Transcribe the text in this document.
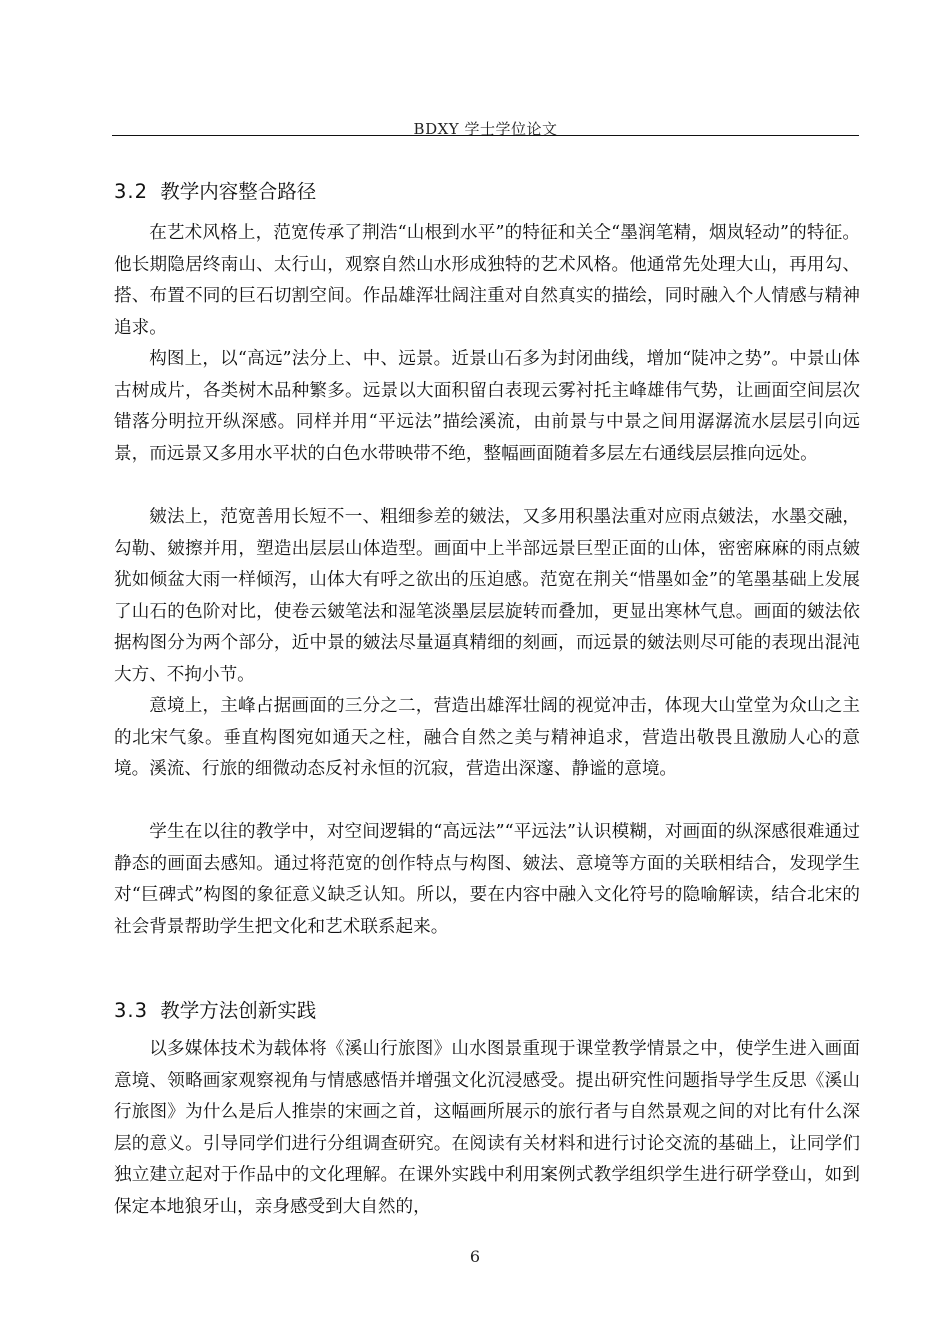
BDXY 学士学位论文
3.2 教学内容整合路径

在艺术风格上，范宽传承了荆浩“山根到水平”的特征和关仝“墨润笔精，烟岚轻动”的特征。他长期隐居终南山、太行山，观察自然山水形成独特的艺术风格。他通常先处理大山，再用勾、搭、布置不同的巨石切割空间。作品雄浑壮阔注重对自然真实的描绘，同时融入个人情感与精神追求。

构图上，以“高远”法分上、中、远景。近景山石多为封闭曲线，增加“陡冲之势”。中景山体古树成片，各类树木品种繁多。远景以大面积留白表现云雾衬托主峰雄伟气势，让画面空间层次错落分明拉开纵深感。同样并用“平远法”描绘溪流，由前景与中景之间用潺潺流水层层引向远景，而远景又多用水平状的白色水带映带不绝，整幅画面随着多层左右通线层层推向远处。

皴法上，范宽善用长短不一、粗细参差的皴法，又多用积墨法重对应雨点皴法，水墨交融，勾勒、皴擦并用，塑造出层层山体造型。画面中上半部远景巨型正面的山体，密密麻麻的雨点皴犹如倾盆大雨一样倾泻，山体大有呼之欲出的压迫感。范宽在荆关“惜墨如金”的笔墨基础上发展了山石的色阶对比，使卷云皴笔法和湿笔淡墨层层旋转而叠加，更显出寒林气息。画面的皴法依据构图分为两个部分，近中景的皴法尽量逼真精细的刻画，而远景的皴法则尽可能的表现出混沌大方、不拘小节。

意境上，主峰占据画面的三分之二，营造出雄浑壮阔的视觉冲击，体现大山堂堂为众山之主的北宋气象。垂直构图宛如通天之柱，融合自然之美与精神追求，营造出敬畏且激励人心的意境。溪流、行旅的细微动态反衬永恒的沉寂，营造出深邃、静谧的意境。

学生在以往的教学中，对空间逻辑的“高远法”“平远法”认识模糊，对画面的纵深感很难通过静态的画面去感知。通过将范宽的创作特点与构图、皴法、意境等方面的关联相结合，发现学生对“巨碑式”构图的象征意义缺乏认知。所以，要在内容中融入文化符号的隐喻解读，结合北宋的社会背景帮助学生把文化和艺术联系起来。

3.3 教学方法创新实践

以多媒体技术为载体将《溪山行旅图》山水图景重现于课堂教学情景之中，使学生进入画面意境、领略画家观察视角与情感感悟并增强文化沉浸感受。提出研究性问题指导学生反思《溪山行旅图》为什么是后人推崇的宋画之首，这幅画所展示的旅行者与自然景观之间的对比有什么深层的意义。引导同学们进行分组调查研究。在阅读有关材料和进行讨论交流的基础上，让同学们独立建立起对于作品中的文化理解。在课外实践中利用案例式教学组织学生进行研学登山，如到保定本地狼牙山，亲身感受到大自然的，

6
